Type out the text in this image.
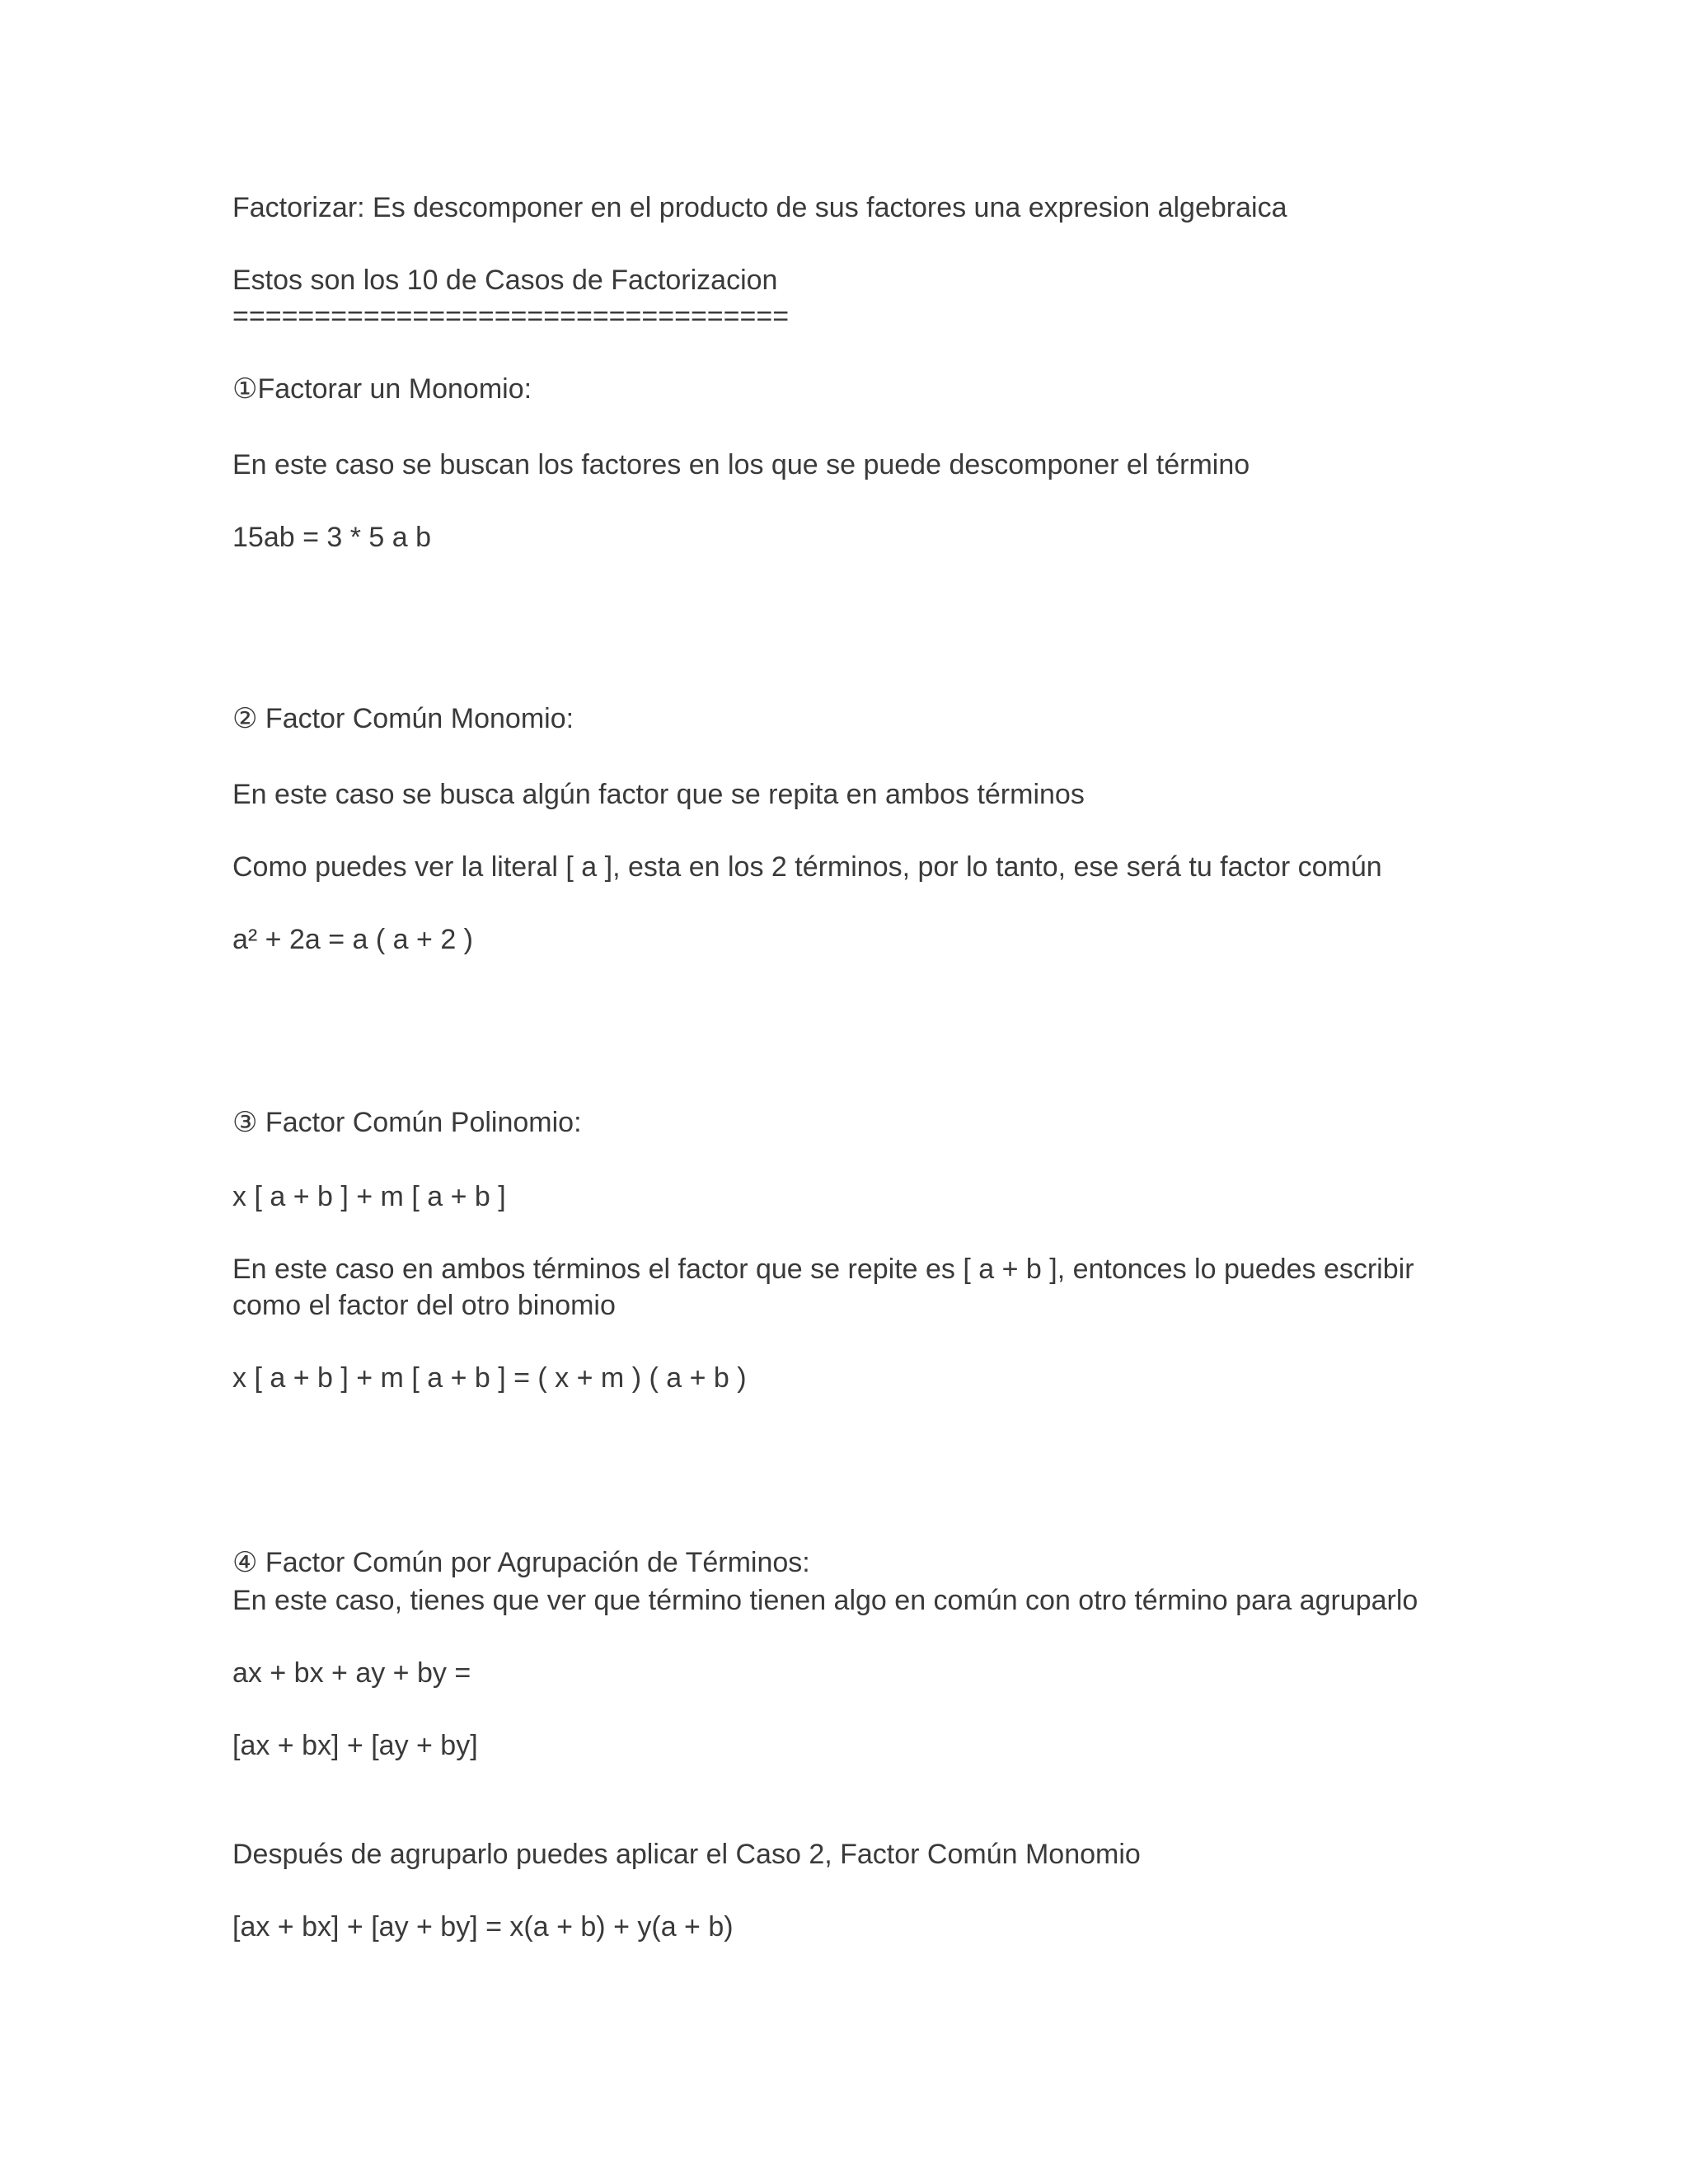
Factorizar: Es descomponer en el producto de sus factores una expresion algebraica

Estos son los 10 de Casos de Factorizacion

==================================

①Factorar un Monomio:

En este caso se buscan los factores en los que se puede descomponer el término

15ab = 3 * 5 a b

② Factor Común Monomio:

En este caso se busca algún factor que se repita en ambos términos

Como puedes ver la literal [ a ], esta en los 2 términos, por lo tanto, ese será tu factor común

a² + 2a = a ( a + 2 )

③ Factor Común Polinomio:

x [ a + b ] + m [ a + b ]

En este caso en ambos términos el factor que se repite es [ a + b ], entonces lo puedes escribir

como el factor del otro binomio

x [ a + b ] + m [ a + b ] = ( x + m ) ( a + b )

④ Factor Común por Agrupación de Términos:

En este caso, tienes que ver que término tienen algo en común con otro término para agruparlo

ax + bx + ay + by =

[ax + bx] + [ay + by]

Después de agruparlo puedes aplicar el Caso 2, Factor Común Monomio

[ax + bx] + [ay + by] = x(a + b) + y(a + b)
